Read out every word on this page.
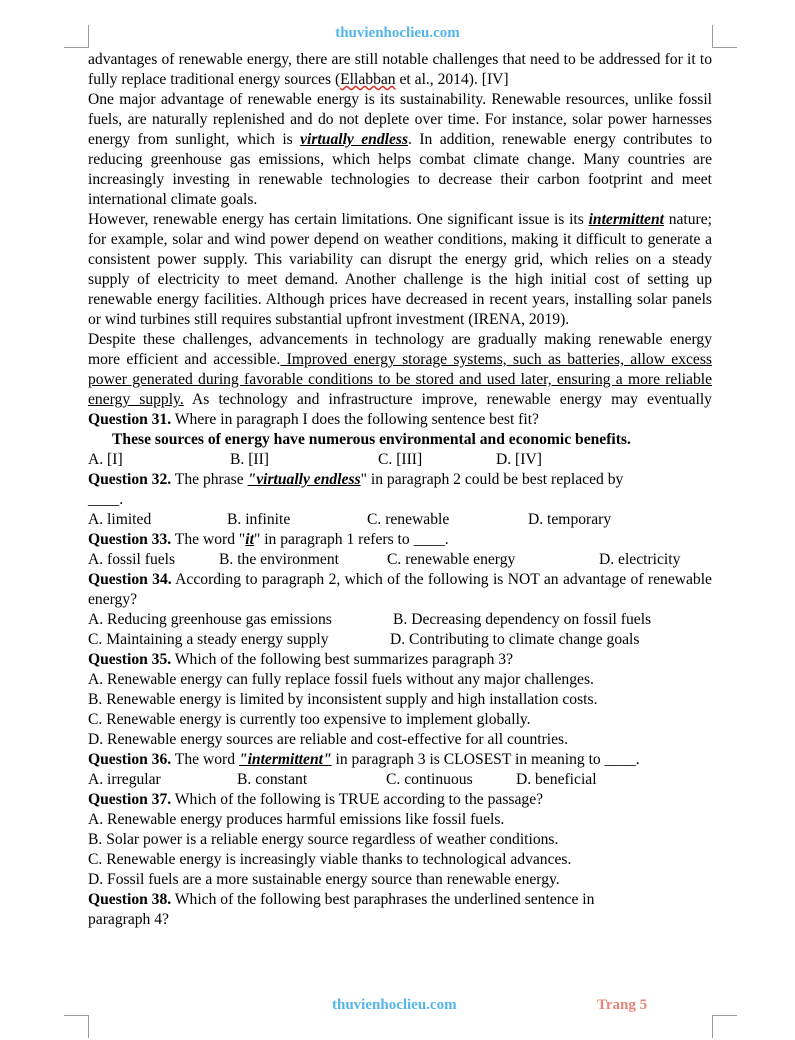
thuvienhoclieu.com

advantages of renewable energy, there are still notable challenges that need to be addressed for it to fully replace traditional energy sources (Ellabban et al., 2014). [IV]

One major advantage of renewable energy is its sustainability. Renewable resources, unlike fossil fuels, are naturally replenished and do not deplete over time. For instance, solar power harnesses energy from sunlight, which is virtually endless. In addition, renewable energy contributes to reducing greenhouse gas emissions, which helps combat climate change. Many countries are increasingly investing in renewable technologies to decrease their carbon footprint and meet international climate goals.

However, renewable energy has certain limitations. One significant issue is its intermittent nature; for example, solar and wind power depend on weather conditions, making it difficult to generate a consistent power supply. This variability can disrupt the energy grid, which relies on a steady supply of electricity to meet demand. Another challenge is the high initial cost of setting up renewable energy facilities. Although prices have decreased in recent years, installing solar panels or wind turbines still requires substantial upfront investment (IRENA, 2019).

Despite these challenges, advancements in technology are gradually making renewable energy more efficient and accessible. Improved energy storage systems, such as batteries, allow excess power generated during favorable conditions to be stored and used later, ensuring a more reliable energy supply. As technology and infrastructure improve, renewable energy may eventually Question 31. Where in paragraph I does the following sentence best fit?

These sources of energy have numerous environmental and economic benefits.

A. [I]	B. [II]	C. [III]	D. [IV]

Question 32. The phrase "virtually endless" in paragraph 2 could be best replaced by

____.

A. limited	B. infinite	C. renewable	D. temporary

Question 33. The word "it" in paragraph 1 refers to ____.

A. fossil fuels	B. the environment	C. renewable energy	D. electricity

Question 34. According to paragraph 2, which of the following is NOT an advantage of renewable energy?

A. Reducing greenhouse gas emissions	B. Decreasing dependency on fossil fuels
C. Maintaining a steady energy supply	D. Contributing to climate change goals

Question 35. Which of the following best summarizes paragraph 3?

A. Renewable energy can fully replace fossil fuels without any major challenges.

B. Renewable energy is limited by inconsistent supply and high installation costs.

C. Renewable energy is currently too expensive to implement globally.

D. Renewable energy sources are reliable and cost-effective for all countries.

Question 36. The word "intermittent" in paragraph 3 is CLOSEST in meaning to ____.

A. irregular	B. constant	C. continuous	D. beneficial

Question 37. Which of the following is TRUE according to the passage?

A. Renewable energy produces harmful emissions like fossil fuels.

B. Solar power is a reliable energy source regardless of weather conditions.

C. Renewable energy is increasingly viable thanks to technological advances.

D. Fossil fuels are a more sustainable energy source than renewable energy.

Question 38. Which of the following best paraphrases the underlined sentence in

paragraph 4?

thuvienhoclieu.com	Trang 5
